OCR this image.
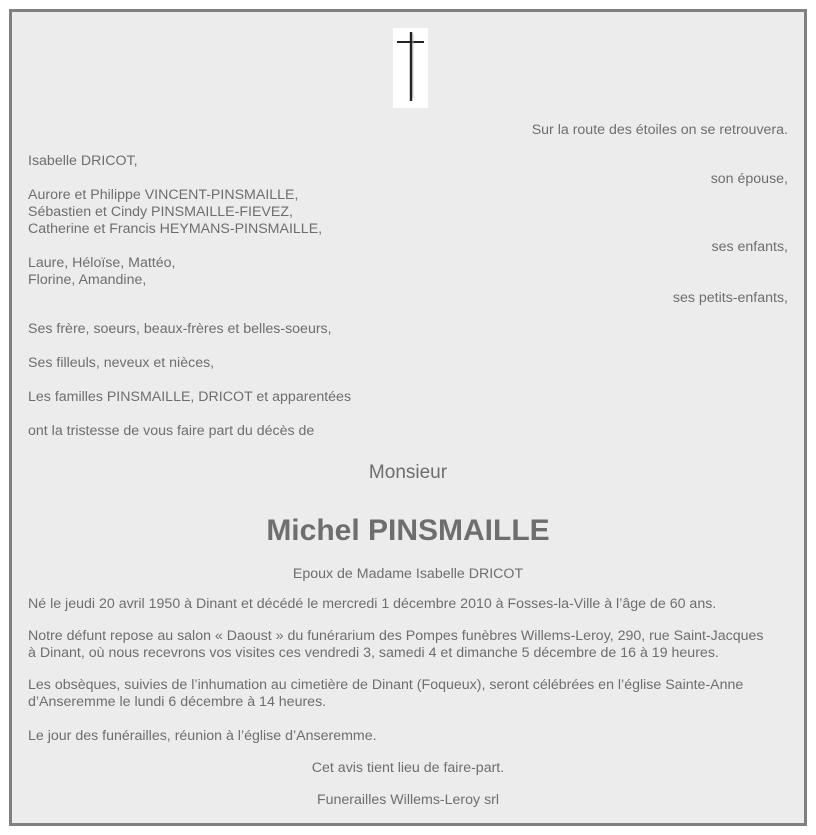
Sur la route des étoiles on se retrouvera.
Isabelle DRICOT,
son épouse,
Aurore et Philippe VINCENT-PINSMAILLE,
Sébastien et Cindy PINSMAILLE-FIEVEZ,
Catherine et Francis HEYMANS-PINSMAILLE,
ses enfants,
Laure, Héloïse, Mattéo,
Florine, Amandine,
ses petits-enfants,
Ses frère, soeurs, beaux-frères et belles-soeurs,
Ses filleuls, neveux et nièces,
Les familles PINSMAILLE, DRICOT et apparentées
ont la tristesse de vous faire part du décès de
Monsieur
Michel PINSMAILLE
Epoux de Madame Isabelle DRICOT
Né le jeudi 20 avril 1950 à Dinant et décédé le mercredi 1 décembre 2010 à Fosses-la-Ville à l’âge de 60 ans.
Notre défunt repose au salon « Daoust » du funérarium des Pompes funèbres Willems-Leroy, 290, rue Saint-Jacques
à Dinant, où nous recevrons vos visites ces vendredi 3, samedi 4 et dimanche 5 décembre de 16 à 19 heures.
Les obsèques, suivies de l’inhumation au cimetière de Dinant (Foqueux), seront célébrées en l’église Sainte-Anne
d’Anseremme le lundi 6 décembre à 14 heures.
Le jour des funérailles, réunion à l’église d’Anseremme.
Cet avis tient lieu de faire-part.
Funerailles Willems-Leroy srl
